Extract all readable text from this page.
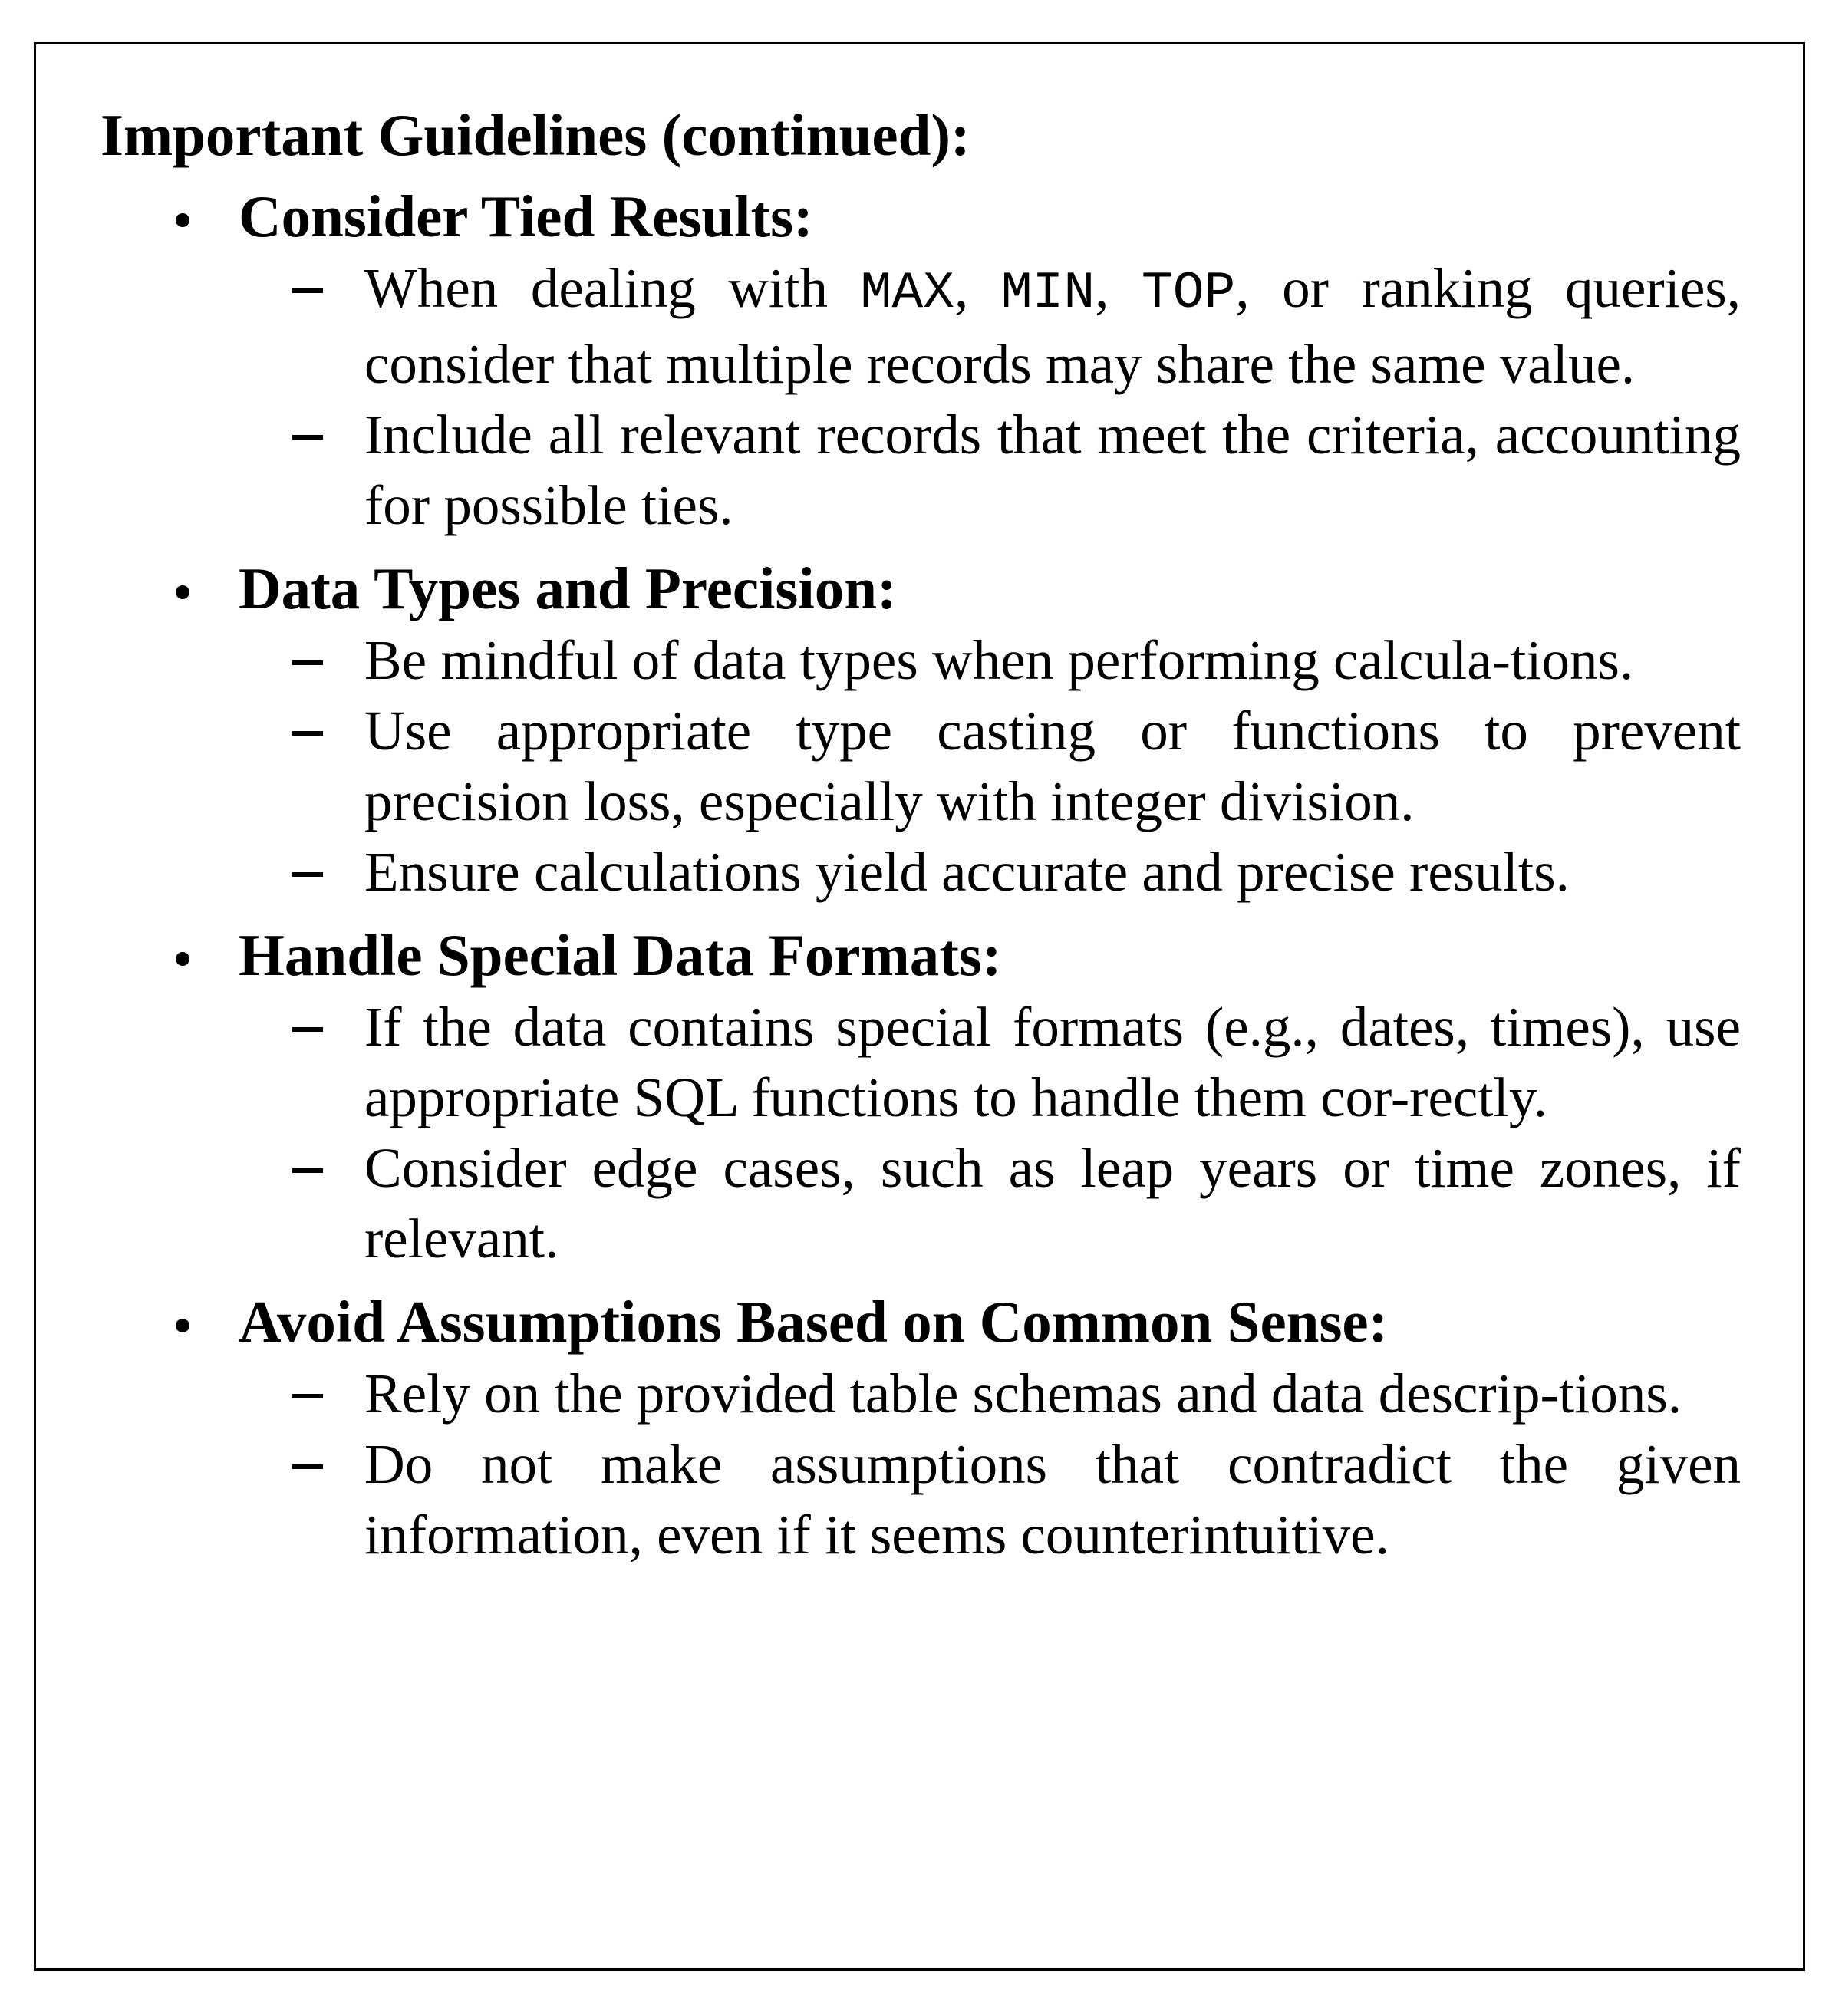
Important Guidelines (continued):

Consider Tied Results:
When dealing with MAX, MIN, TOP, or ranking queries, consider that multiple records may share the same value.
Include all relevant records that meet the criteria, accounting for possible ties.
Data Types and Precision:
Be mindful of data types when performing calcula-tions.
Use appropriate type casting or functions to prevent precision loss, especially with integer division.
Ensure calculations yield accurate and precise results.
Handle Special Data Formats:
If the data contains special formats (e.g., dates, times), use appropriate SQL functions to handle them cor-rectly.
Consider edge cases, such as leap years or time zones, if relevant.
Avoid Assumptions Based on Common Sense:
Rely on the provided table schemas and data descrip-tions.
Do not make assumptions that contradict the given information, even if it seems counterintuitive.
